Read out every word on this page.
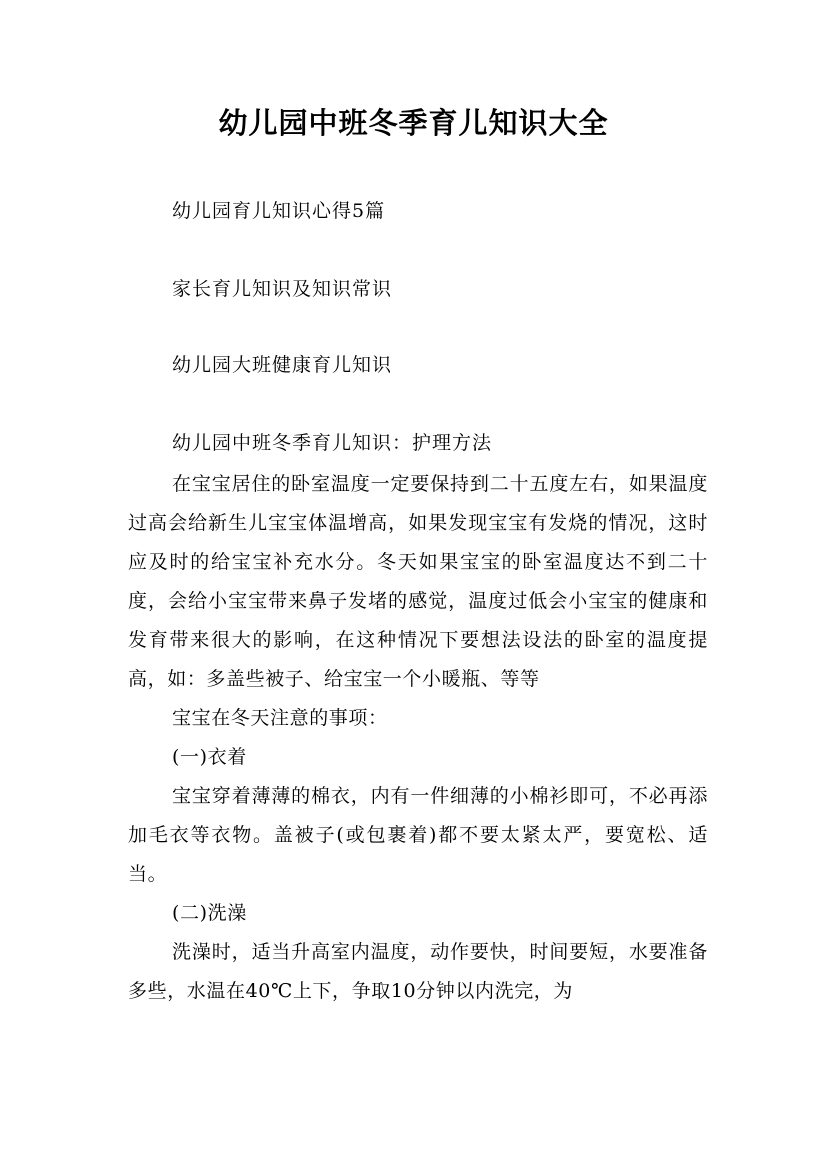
幼儿园中班冬季育儿知识大全
幼儿园育儿知识心得5篇
家长育儿知识及知识常识
幼儿园大班健康育儿知识
幼儿园中班冬季育儿知识：护理方法

在宝宝居住的卧室温度一定要保持到二十五度左右，如果温度过高会给新生儿宝宝体温增高，如果发现宝宝有发烧的情况，这时应及时的给宝宝补充水分。冬天如果宝宝的卧室温度达不到二十度，会给小宝宝带来鼻子发堵的感觉，温度过低会小宝宝的健康和发育带来很大的影响，在这种情况下要想法设法的卧室的温度提高，如：多盖些被子、给宝宝一个小暖瓶、等等

宝宝在冬天注意的事项：

(一)衣着

宝宝穿着薄薄的棉衣，内有一件细薄的小棉衫即可，不必再添加毛衣等衣物。盖被子(或包裹着)都不要太紧太严，要宽松、适当。

(二)洗澡

洗澡时，适当升高室内温度，动作要快，时间要短，水要准备多些，水温在40℃上下，争取10分钟以内洗完，为
